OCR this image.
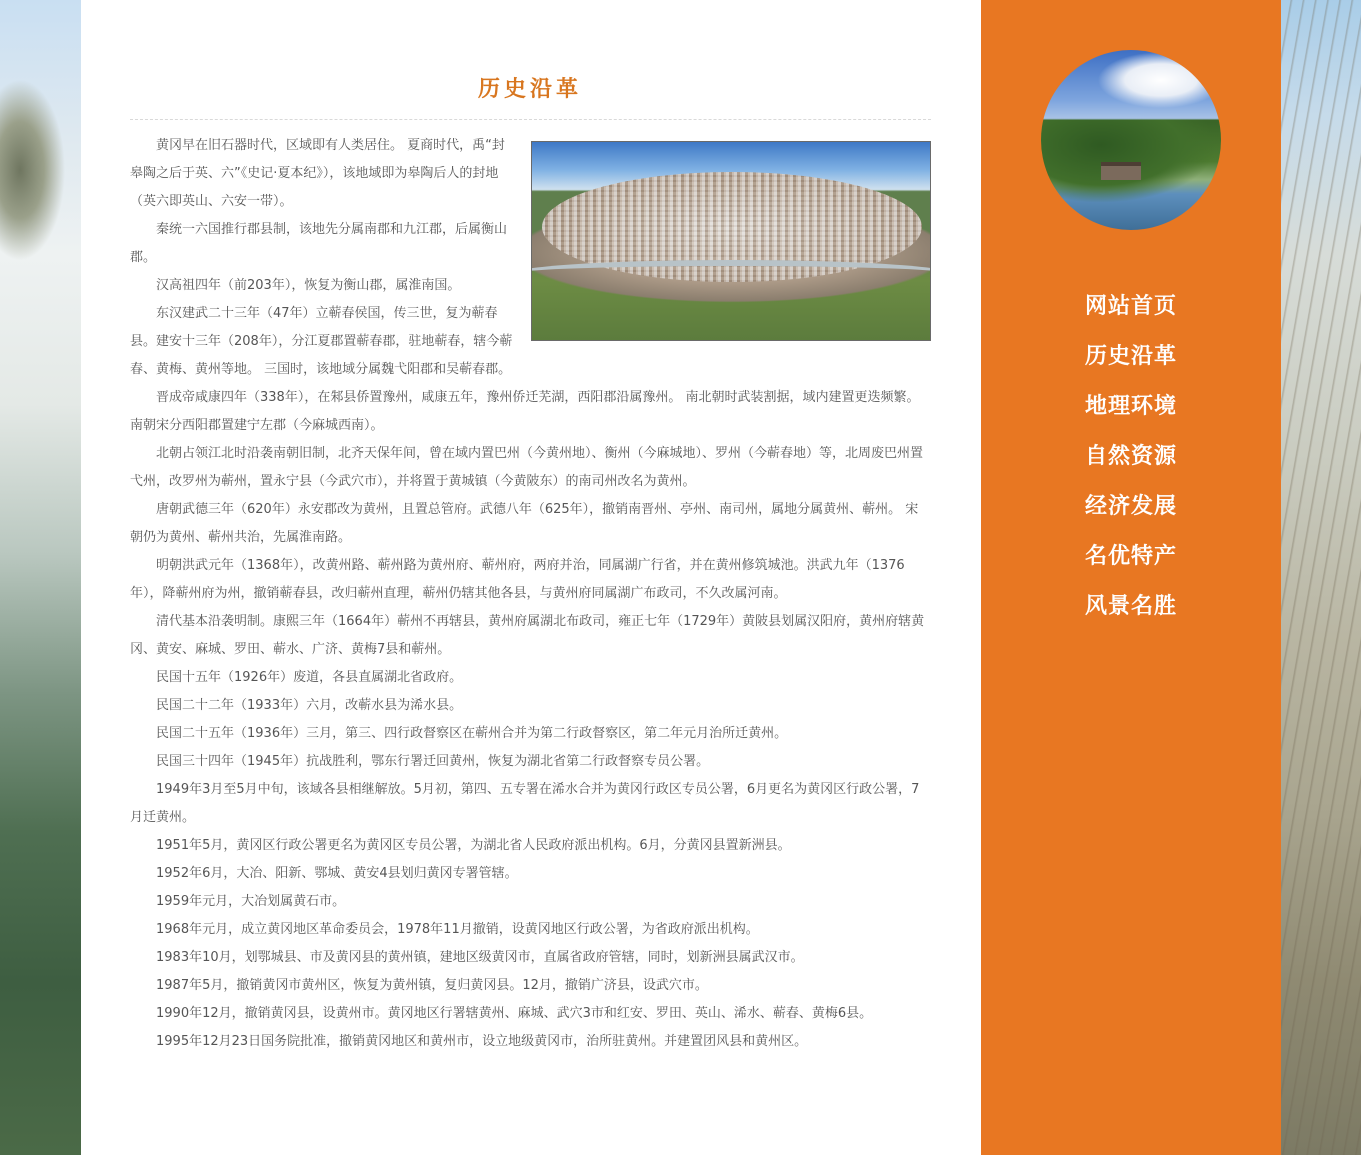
历史沿革

黄冈早在旧石器时代，区域即有人类居住。 夏商时代，禹“封皋陶之后于英、六”《史记·夏本纪》），该地域即为皋陶后人的封地（英六即英山、六安一带）。

秦统一六国推行郡县制，该地先分属南郡和九江郡，后属衡山郡。

汉高祖四年（前203年），恢复为衡山郡，属淮南国。

东汉建武二十三年（47年）立蕲春侯国，传三世，复为蕲春县。建安十三年（208年），分江夏郡置蕲春郡，驻地蕲春，辖今蕲春、黄梅、黄州等地。 三国时，该地域分属魏弋阳郡和吴蕲春郡。

晋成帝咸康四年（338年），在邾县侨置豫州，咸康五年，豫州侨迁芜湖，西阳郡沿属豫州。 南北朝时武装割据，域内建置更迭频繁。南朝宋分西阳郡置建宁左郡（今麻城西南）。

北朝占领江北时沿袭南朝旧制，北齐天保年间，曾在域内置巴州（今黄州地）、衡州（今麻城地）、罗州（今蕲春地）等，北周废巴州置弋州，改罗州为蕲州，置永宁县（今武穴市），并将置于黄城镇（今黄陂东）的南司州改名为黄州。

唐朝武德三年（620年）永安郡改为黄州，且置总管府。武德八年（625年），撤销南晋州、亭州、南司州，属地分属黄州、蕲州。 宋朝仍为黄州、蕲州共治，先属淮南路。

明朝洪武元年（1368年），改黄州路、蕲州路为黄州府、蕲州府，两府并治，同属湖广行省，并在黄州修筑城池。洪武九年（1376年），降蕲州府为州，撤销蕲春县，改归蕲州直理，蕲州仍辖其他各县，与黄州府同属湖广布政司，不久改属河南。

清代基本沿袭明制。康熙三年（1664年）蕲州不再辖县，黄州府属湖北布政司，雍正七年（1729年）黄陂县划属汉阳府，黄州府辖黄冈、黄安、麻城、罗田、蕲水、广济、黄梅7县和蕲州。

民国十五年（1926年）废道，各县直属湖北省政府。

民国二十二年（1933年）六月，改蕲水县为浠水县。

民国二十五年（1936年）三月，第三、四行政督察区在蕲州合并为第二行政督察区，第二年元月治所迁黄州。

民国三十四年（1945年）抗战胜利，鄂东行署迁回黄州，恢复为湖北省第二行政督察专员公署。

1949年3月至5月中旬，该域各县相继解放。5月初，第四、五专署在浠水合并为黄冈行政区专员公署，6月更名为黄冈区行政公署，7月迁黄州。

1951年5月，黄冈区行政公署更名为黄冈区专员公署，为湖北省人民政府派出机构。6月，分黄冈县置新洲县。

1952年6月，大冶、阳新、鄂城、黄安4县划归黄冈专署管辖。

1959年元月，大冶划属黄石市。

1968年元月，成立黄冈地区革命委员会，1978年11月撤销，设黄冈地区行政公署，为省政府派出机构。

1983年10月，划鄂城县、市及黄冈县的黄州镇，建地区级黄冈市，直属省政府管辖，同时，划新洲县属武汉市。

1987年5月，撤销黄冈市黄州区，恢复为黄州镇，复归黄冈县。12月，撤销广济县，设武穴市。

1990年12月，撤销黄冈县，设黄州市。黄冈地区行署辖黄州、麻城、武穴3市和红安、罗田、英山、浠水、蕲春、黄梅6县。

1995年12月23日国务院批准，撤销黄冈地区和黄州市，设立地级黄冈市，治所驻黄州。并建置团风县和黄州区。

网站首页
历史沿革
地理环境
自然资源
经济发展
名优特产
风景名胜
